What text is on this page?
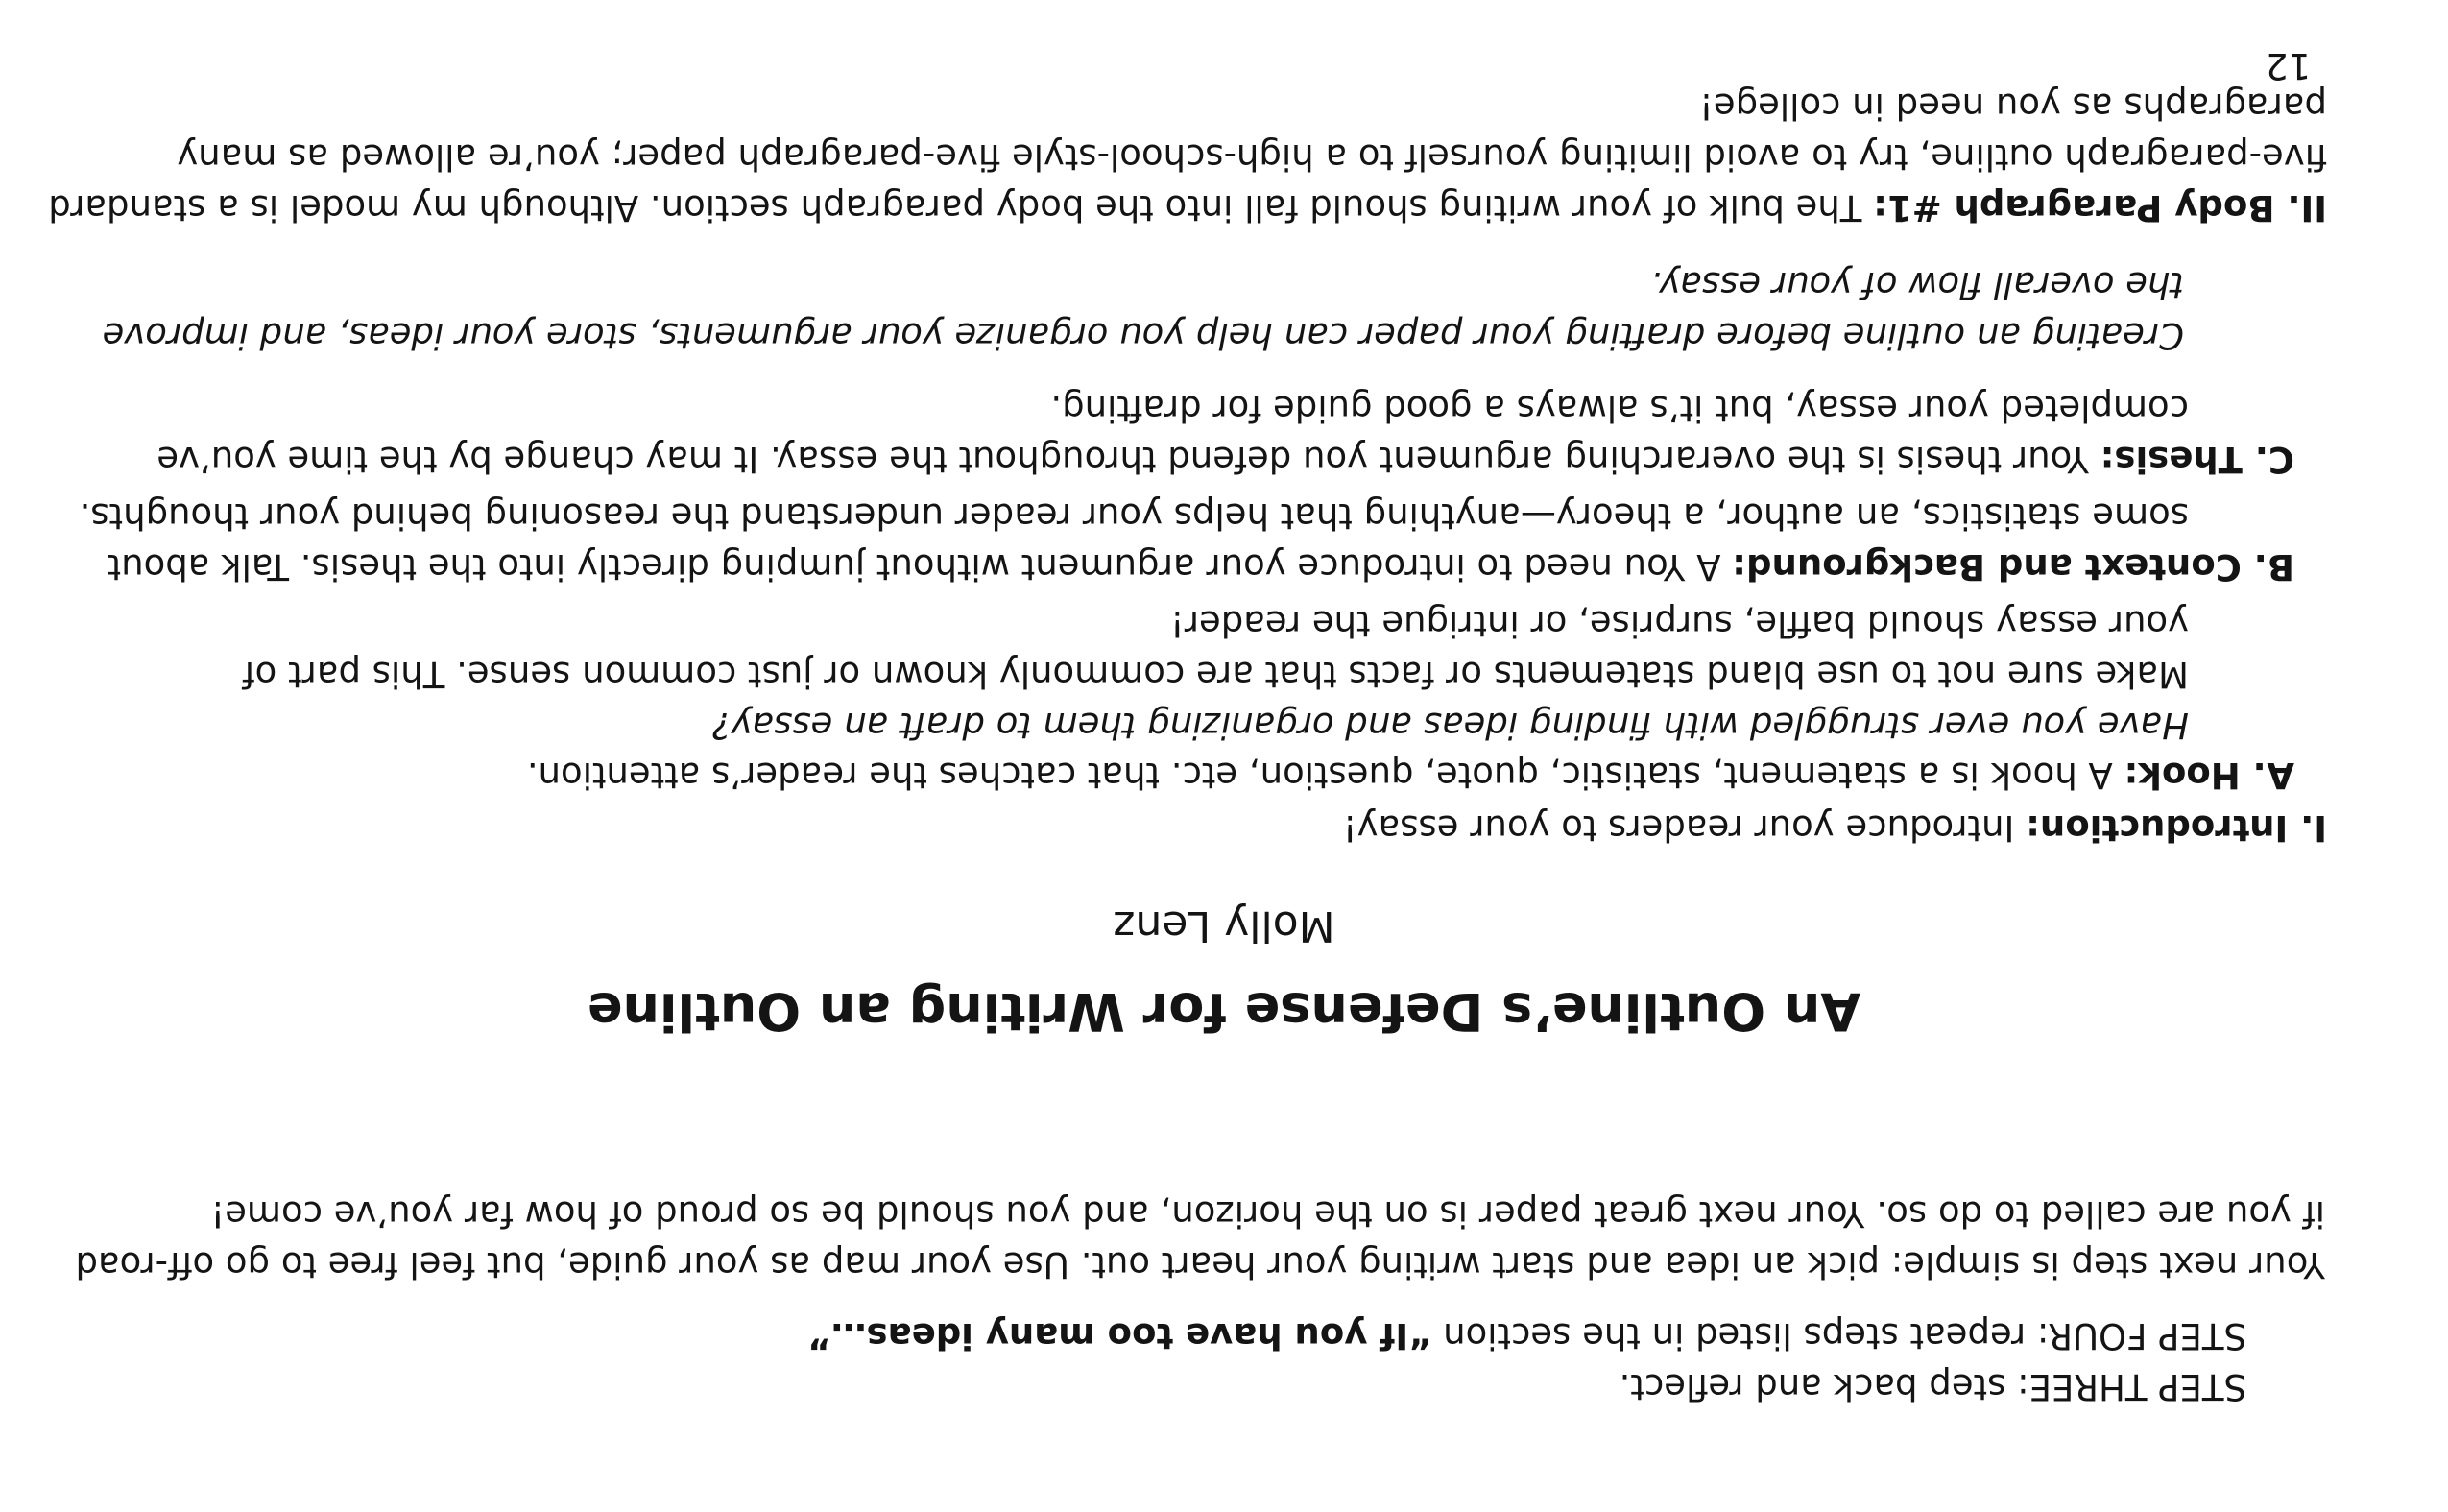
STEP THREE: step back and reflect.
STEP FOUR: repeat steps listed in the section “If you have too many ideas…”
Your next step is simple: pick an idea and start writing your heart out. Use your map as your guide, but feel free to go off-road
if you are called to do so. Your next great paper is on the horizon, and you should be so proud of how far you’ve come!
An Outline’s Defense for Writing an Outline
Molly Lenz
I. Introduction: Introduce your readers to your essay!
A. Hook: A hook is a statement, statistic, quote, question, etc. that catches the reader’s attention.
Have you ever struggled with finding ideas and organizing them to draft an essay?
Make sure not to use bland statements or facts that are commonly known or just common sense. This part of
your essay should baffle, surprise, or intrigue the reader!
B. Context and Background: A You need to introduce your argument without jumping directly into the thesis. Talk about
some statistics, an author, a theory—anything that helps your reader understand the reasoning behind your thoughts.
C. Thesis: Your thesis is the overarching argument you defend throughout the essay. It may change by the time you’ve
completed your essay, but it’s always a good guide for drafting.
Creating an outline before drafting your paper can help you organize your arguments, store your ideas, and improve
the overall flow of your essay.
II. Body Paragraph #1: The bulk of your writing should fall into the body paragraph section. Although my model is a standard
five-paragraph outline, try to avoid limiting yourself to a high-school-style five-paragraph paper; you’re allowed as many
paragraphs as you need in college!
12
